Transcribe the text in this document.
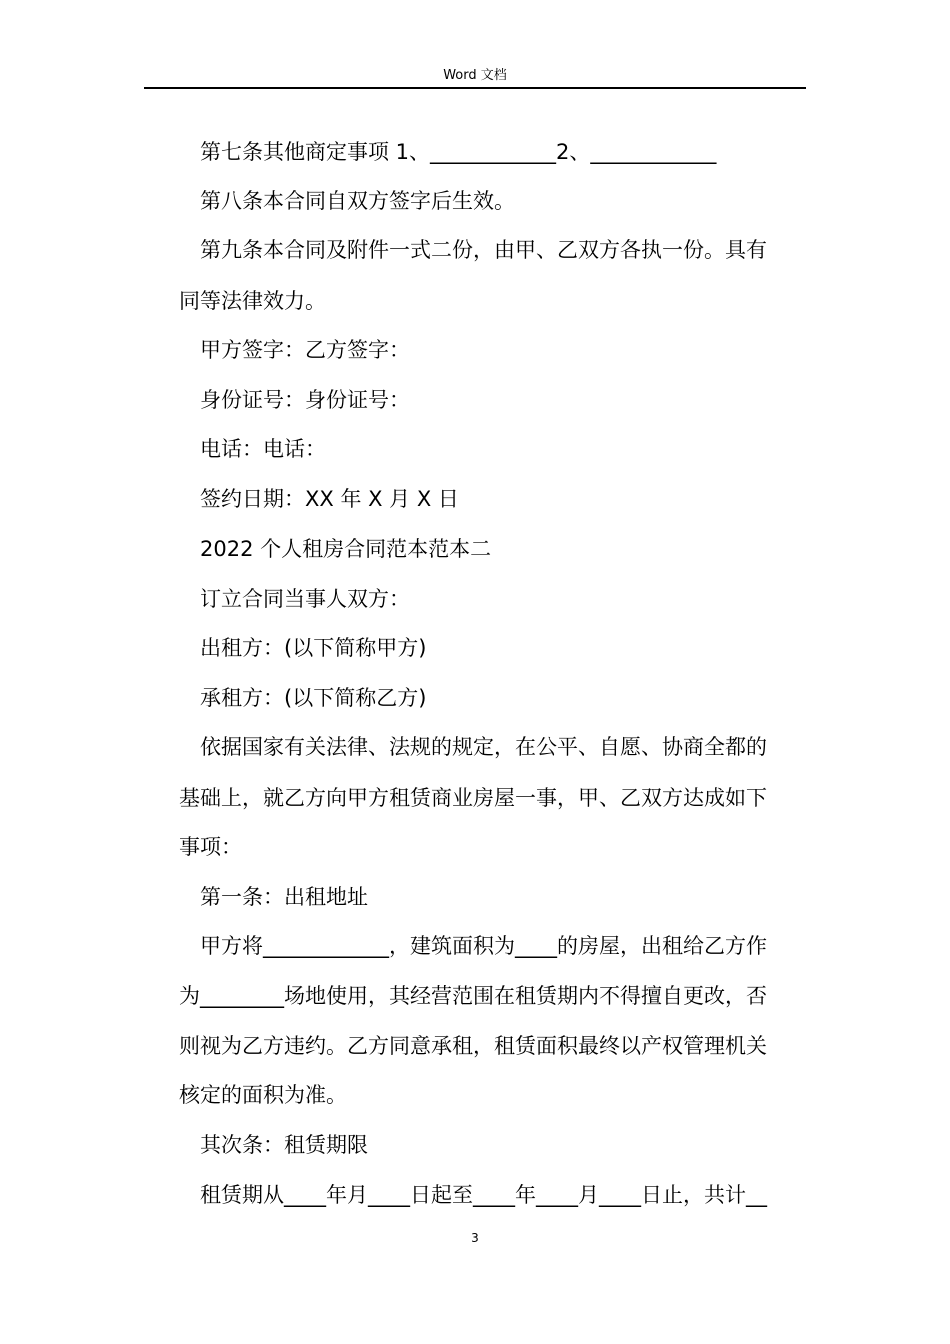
Word 文档
第七条其他商定事项 1、____________2、____________
第八条本合同自双方签字后生效。
第九条本合同及附件一式二份，由甲、乙双方各执一份。具有
同等法律效力。
甲方签字：乙方签字：
身份证号：身份证号：
电话：电话：
签约日期：XX 年 X 月 X 日
2022 个人租房合同范本范本二
订立合同当事人双方：
出租方：(以下简称甲方)
承租方：(以下简称乙方)
依据国家有关法律、法规的规定，在公平、自愿、协商全都的
基础上，就乙方向甲方租赁商业房屋一事，甲、乙双方达成如下
事项：
第一条：出租地址
甲方将____________，建筑面积为____的房屋，出租给乙方作
为________场地使用，其经营范围在租赁期内不得擅自更改，否
则视为乙方违约。乙方同意承租，租赁面积最终以产权管理机关
核定的面积为准。
其次条：租赁期限
租赁期从____年月____日起至____年____月____日止，共计__
3
